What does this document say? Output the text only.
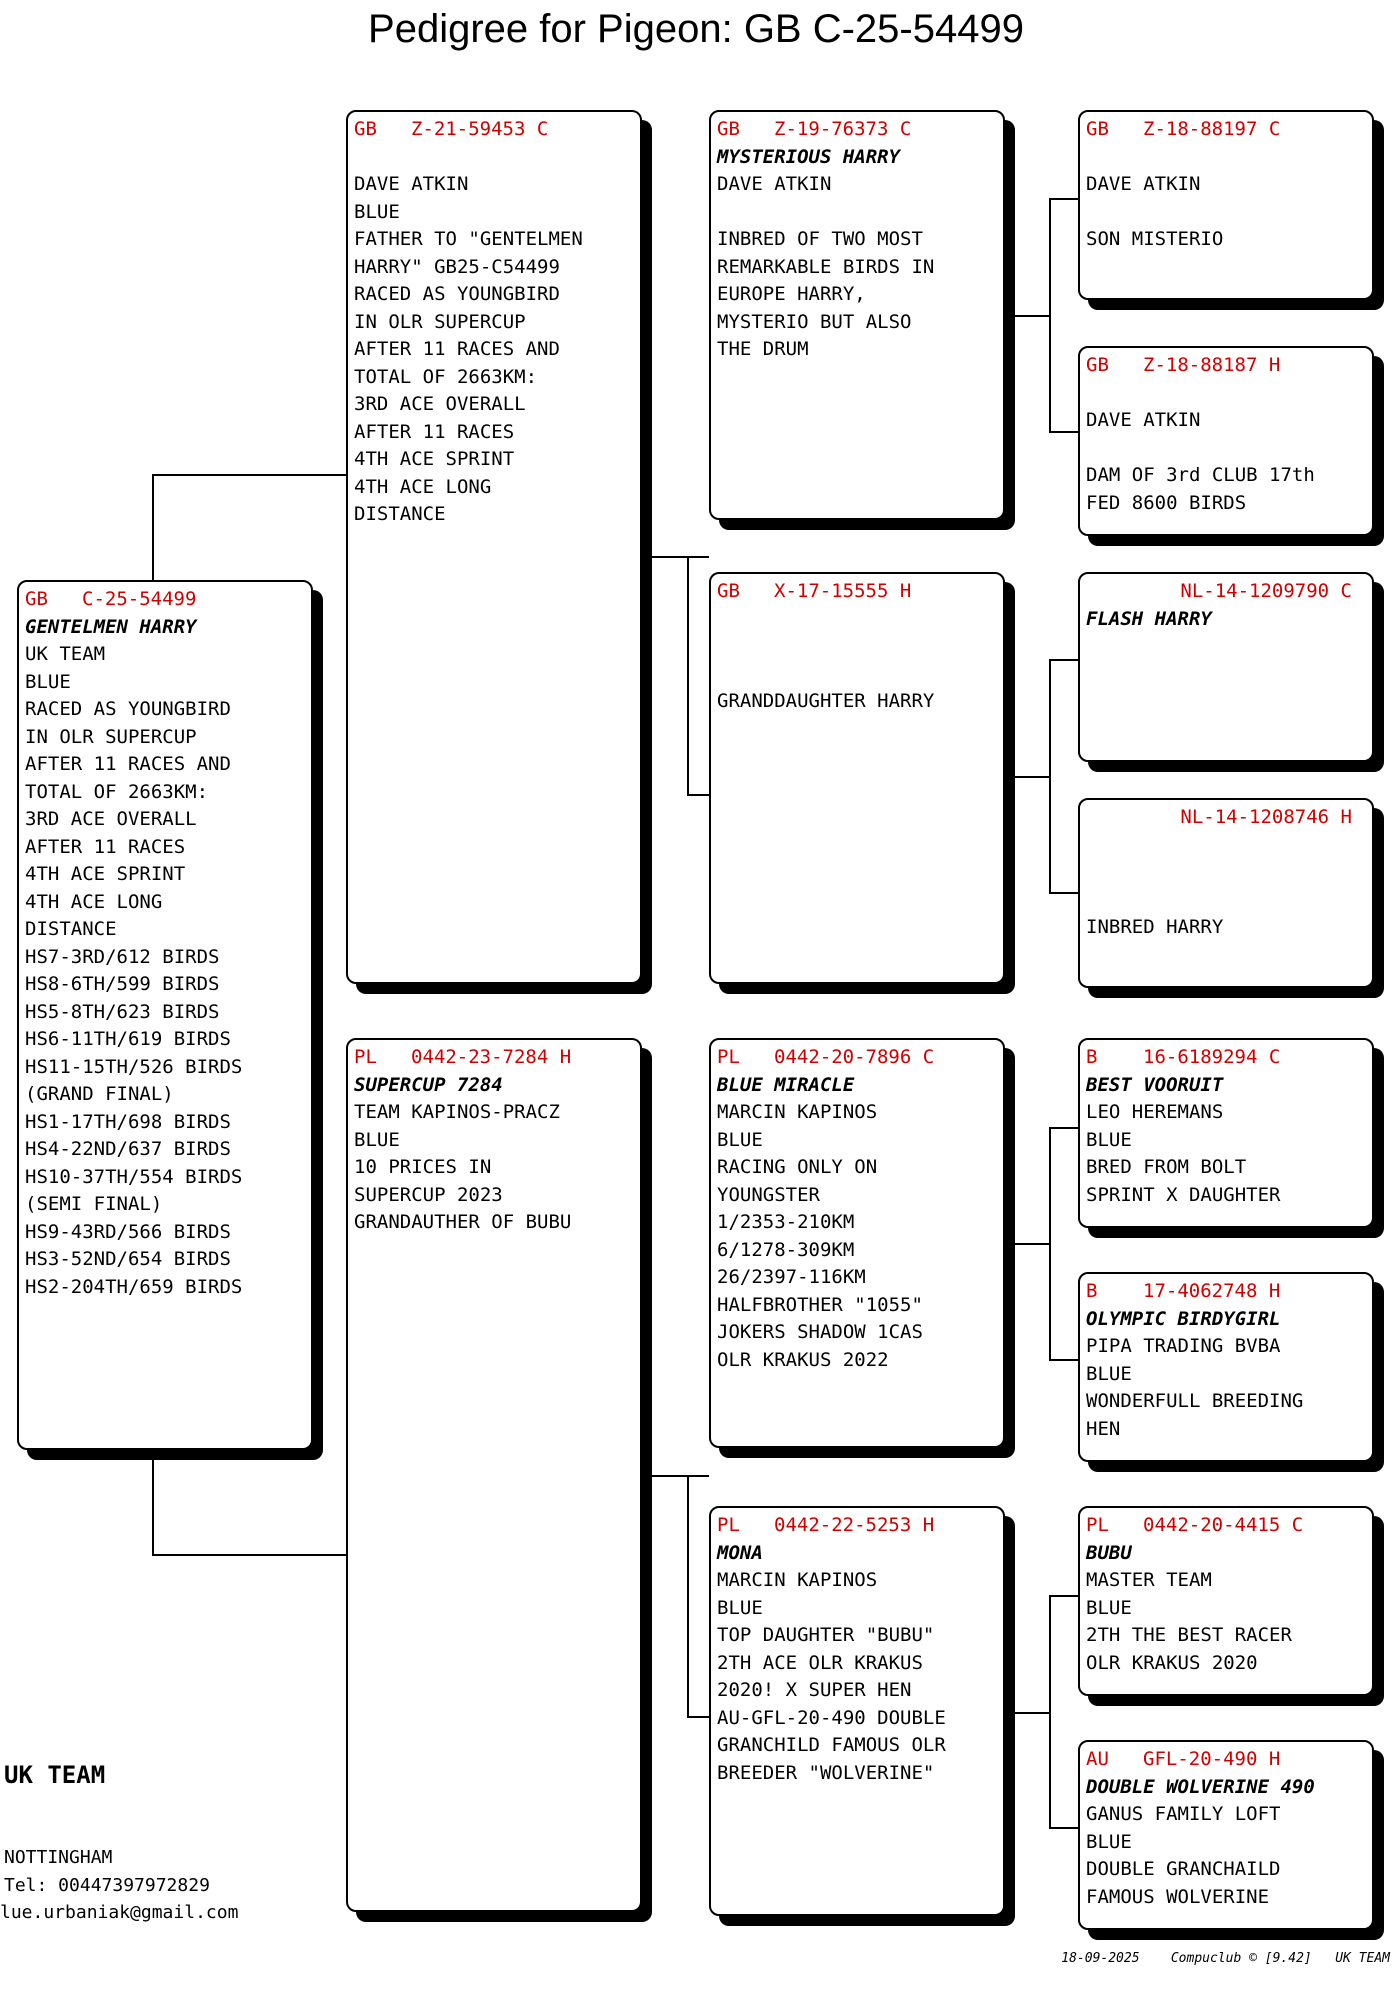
Pedigree for Pigeon: GB C-25-54499
GB C-25-54499
GENTELMEN HARRY
UK TEAM
BLUE
RACED AS YOUNGBIRD
IN OLR SUPERCUP
AFTER 11 RACES AND
TOTAL OF 2663KM:
3RD ACE OVERALL
AFTER 11 RACES
4TH ACE SPRINT
4TH ACE LONG
DISTANCE
HS7-3RD/612 BIRDS
HS8-6TH/599 BIRDS
HS5-8TH/623 BIRDS
HS6-11TH/619 BIRDS
HS11-15TH/526 BIRDS
(GRAND FINAL)
HS1-17TH/698 BIRDS
HS4-22ND/637 BIRDS
HS10-37TH/554 BIRDS
(SEMI FINAL)
HS9-43RD/566 BIRDS
HS3-52ND/654 BIRDS
HS2-204TH/659 BIRDS
GB Z-21-59453 C
DAVE ATKIN
BLUE
FATHER TO "GENTELMEN
HARRY" GB25-C54499
RACED AS YOUNGBIRD
IN OLR SUPERCUP
AFTER 11 RACES AND
TOTAL OF 2663KM:
3RD ACE OVERALL
AFTER 11 RACES
4TH ACE SPRINT
4TH ACE LONG
DISTANCE
PL 0442-23-7284 H
SUPERCUP 7284
TEAM KAPINOS-PRACZ
BLUE
10 PRICES IN
SUPERCUP 2023
GRANDAUTHER OF BUBU
GB Z-19-76373 C
MYSTERIOUS HARRY
DAVE ATKIN
INBRED OF TWO MOST
REMARKABLE BIRDS IN
EUROPE HARRY,
MYSTERIO BUT ALSO
THE DRUM
GB X-17-15555 H
GRANDDAUGHTER HARRY
PL 0442-20-7896 C
BLUE MIRACLE
MARCIN KAPINOS
BLUE
RACING ONLY ON
YOUNGSTER
1/2353-210KM
6/1278-309KM
26/2397-116KM
HALFBROTHER "1055"
JOKERS SHADOW 1CAS
OLR KRAKUS 2022
PL 0442-22-5253 H
MONA
MARCIN KAPINOS
BLUE
TOP DAUGHTER "BUBU"
2TH ACE OLR KRAKUS
2020! X SUPER HEN
AU-GFL-20-490 DOUBLE
GRANCHILD FAMOUS OLR
BREEDER "WOLVERINE"
GB Z-18-88197 C
DAVE ATKIN
SON MISTERIO
GB Z-18-88187 H
DAVE ATKIN
DAM OF 3rd CLUB 17th
FED 8600 BIRDS
NL-14-1209790 C
FLASH HARRY
NL-14-1208746 H
INBRED HARRY
B 16-6189294 C
BEST VOORUIT
LEO HEREMANS
BLUE
BRED FROM BOLT
SPRINT X DAUGHTER
B 17-4062748 H
OLYMPIC BIRDYGIRL
PIPA TRADING BVBA
BLUE
WONDERFULL BREEDING
HEN
PL 0442-20-4415 C
BUBU
MASTER TEAM
BLUE
2TH THE BEST RACER
OLR KRAKUS 2020
AU GFL-20-490 H
DOUBLE WOLVERINE 490
GANUS FAMILY LOFT
BLUE
DOUBLE GRANCHAILD
FAMOUS WOLVERINE
UK TEAM
NOTTINGHAM
Tel: 00447397972829
lue.urbaniak@gmail.com
18-09-2025    Compuclub © [9.42]   UK TEAM
